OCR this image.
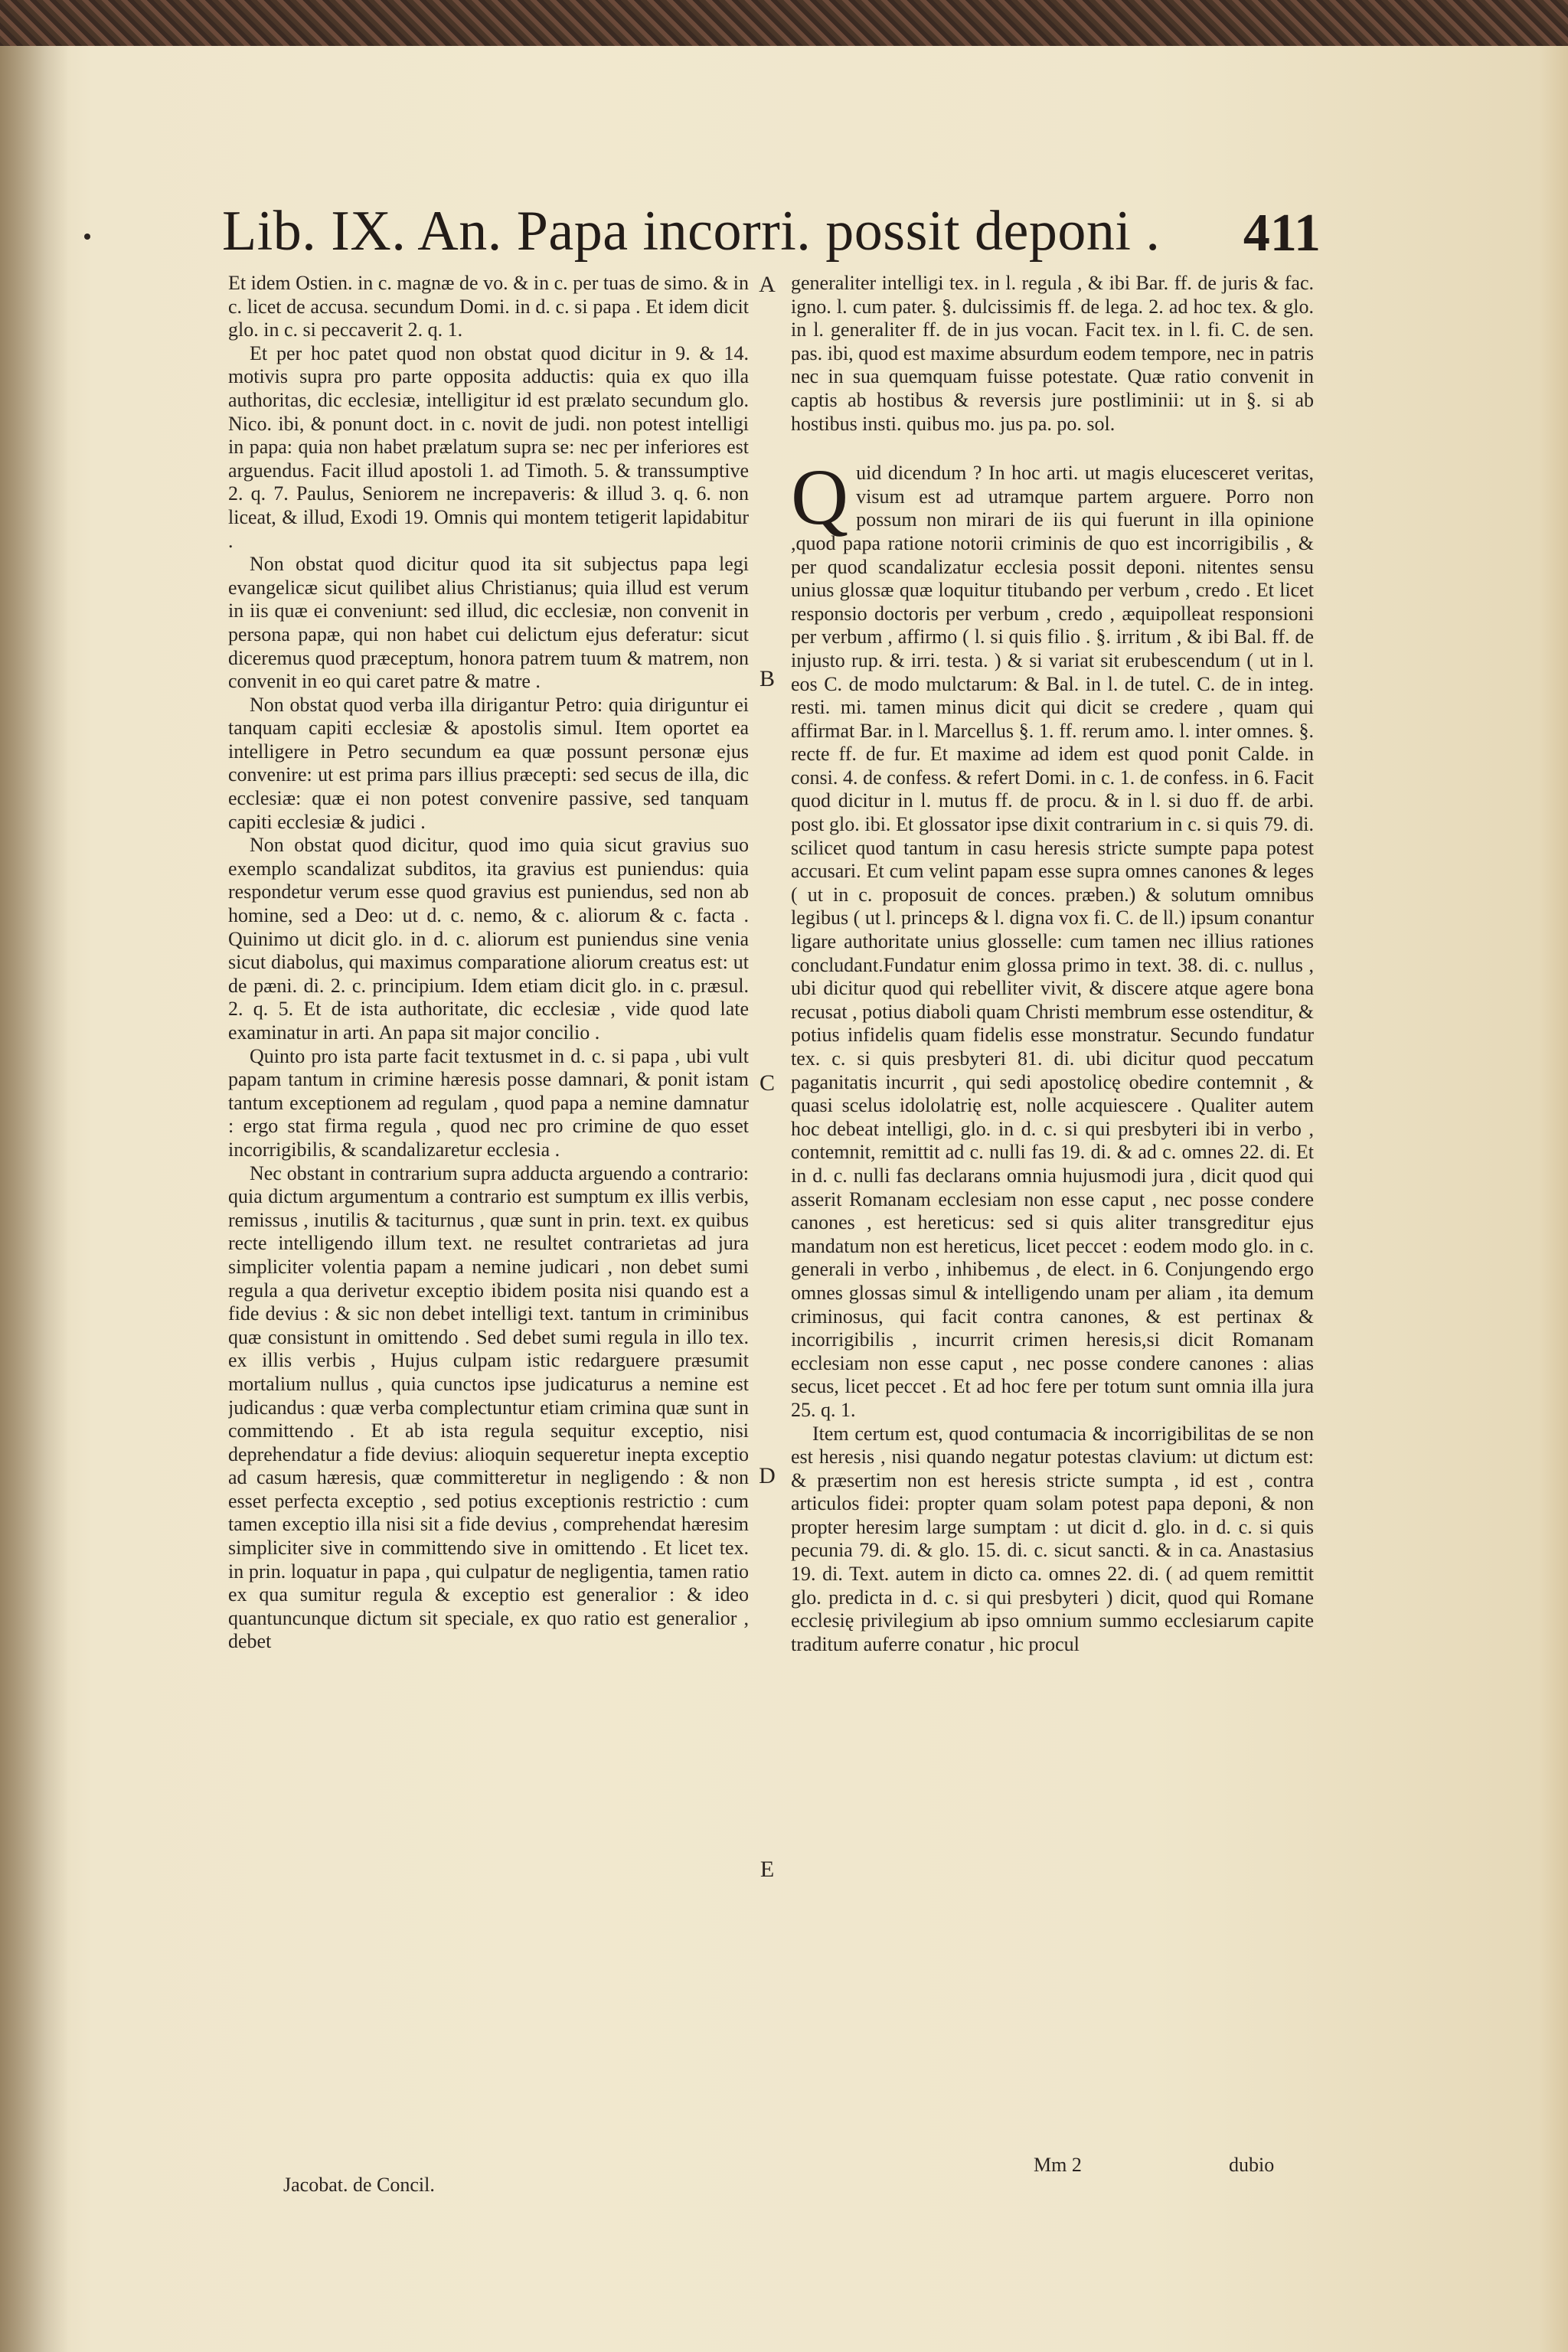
Lib. IX. An. Papa incorri. possit deponi .	411

Et idem Ostien. in c. magnæ de vo. & in c. per tuas de simo. & in c. licet de accusa. secundum Domi. in d. c. si papa . Et idem dicit glo. in c. si peccaverit 2. q. 1.

Et per hoc patet quod non obstat quod dicitur in 9. & 14. motivis supra pro parte opposita adductis: quia ex quo illa authoritas, dic ecclesiæ, intelligitur id est prælato secundum glo. Nico. ibi, & ponunt doct. in c. novit de judi. non potest intelligi in papa: quia non habet prælatum supra se: nec per inferiores est arguendus. Facit illud apostoli 1. ad Timoth. 5. & transsumptive 2. q. 7. Paulus, Seniorem ne increpaveris: & illud 3. q. 6. non liceat, & illud, Exodi 19. Omnis qui montem tetigerit lapidabitur .

Non obstat quod dicitur quod ita sit subjectus papa legi evangelicæ sicut quilibet alius Christianus; quia illud est verum in iis quæ ei conveniunt: sed illud, dic ecclesiæ, non convenit in persona papæ, qui non habet cui delictum ejus deferatur: sicut diceremus quod præceptum, honora patrem tuum & matrem, non convenit in eo qui caret patre & matre .

Non obstat quod verba illa dirigantur Petro: quia diriguntur ei tanquam capiti ecclesiæ & apostolis simul. Item oportet ea intelligere in Petro secundum ea quæ possunt personæ ejus convenire: ut est prima pars illius præcepti: sed secus de illa, dic ecclesiæ: quæ ei non potest convenire passive, sed tanquam capiti ecclesiæ & judici .

Non obstat quod dicitur, quod imo quia sicut gravius suo exemplo scandalizat subditos, ita gravius est puniendus: quia respondetur verum esse quod gravius est puniendus, sed non ab homine, sed a Deo: ut d. c. nemo, & c. aliorum & c. facta . Quinimo ut dicit glo. in d. c. aliorum est puniendus sine venia sicut diabolus, qui maximus comparatione aliorum creatus est: ut de pæni. di. 2. c. principium. Idem etiam dicit glo. in c. præsul. 2. q. 5. Et de ista authoritate, dic ecclesiæ , vide quod late examinatur in arti. An papa sit major concilio .

Quinto pro ista parte facit textusmet in d. c. si papa , ubi vult papam tantum in crimine hæresis posse damnari, & ponit istam tantum exceptionem ad regulam , quod papa a nemine damnatur : ergo stat firma regula , quod nec pro crimine de quo esset incorrigibilis, & scandalizaretur ecclesia .

Nec obstant in contrarium supra adducta arguendo a contrario: quia dictum argumentum a contrario est sumptum ex illis verbis, remissus , inutilis & taciturnus , quæ sunt in prin. text. ex quibus recte intelligendo illum text. ne resultet contrarietas ad jura simpliciter volentia papam a nemine judicari , non debet sumi regula a qua derivetur exceptio ibidem posita nisi quando est a fide devius : & sic non debet intelligi text. tantum in criminibus quæ consistunt in omittendo . Sed debet sumi regula in illo tex. ex illis verbis , Hujus culpam istic redarguere præsumit mortalium nullus , quia cunctos ipse judicaturus a nemine est judicandus : quæ verba complectuntur etiam crimina quæ sunt in committendo . Et ab ista regula sequitur exceptio, nisi deprehendatur a fide devius: alioquin sequeretur inepta exceptio ad casum hæresis, quæ committeretur in negligendo : & non esset perfecta exceptio , sed potius exceptionis restrictio : cum tamen exceptio illa nisi sit a fide devius , comprehendat hæresim simpliciter sive in committendo sive in omittendo . Et licet tex. in prin. loquatur in papa , qui culpatur de negligentia, tamen ratio ex qua sumitur regula & exceptio est generalior : & ideo quantuncunque dictum sit speciale, ex quo ratio est generalior , debet

Jacobat. de Concil.
A
B
C
D
E

generaliter intelligi tex. in l. regula , & ibi Bar. ff. de juris & fac. igno. l. cum pater. §. dulcissimis ff. de lega. 2. ad hoc tex. & glo. in l. generaliter ff. de in jus vocan. Facit tex. in l. fi. C. de sen. pas. ibi, quod est maxime absurdum eodem tempore, nec in patris nec in sua quemquam fuisse potestate. Quæ ratio convenit in captis ab hostibus & reversis jure postliminii: ut in §. si ab hostibus insti. quibus mo. jus pa. po. sol.

Quid dicendum ? In hoc arti. ut magis elucesceret veritas, visum est ad utramque partem arguere. Porro non possum non mirari de iis qui fuerunt in illa opinione ,quod papa ratione notorii criminis de quo est incorrigibilis , & per quod scandalizatur ecclesia possit deponi. nitentes sensu unius glossæ quæ loquitur titubando per verbum , credo . Et licet responsio doctoris per verbum , credo , æquipolleat responsioni per verbum , affirmo ( l. si quis filio . §. irritum , & ibi Bal. ff. de injusto rup. & irri. testa. ) & si variat sit erubescendum ( ut in l. eos C. de modo mulctarum: & Bal. in l. de tutel. C. de in integ. resti. mi. tamen minus dicit qui dicit se credere , quam qui affirmat Bar. in l. Marcellus §. 1. ff. rerum amo. l. inter omnes. §. recte ff. de fur. Et maxime ad idem est quod ponit Calde. in consi. 4. de confess. & refert Domi. in c. 1. de confess. in 6. Facit quod dicitur in l. mutus ff. de procu. & in l. si duo ff. de arbi. post glo. ibi. Et glossator ipse dixit contrarium in c. si quis 79. di. scilicet quod tantum in casu heresis stricte sumpte papa potest accusari. Et cum velint papam esse supra omnes canones & leges ( ut in c. proposuit de conces. præben.) & solutum omnibus legibus ( ut l. princeps & l. digna vox fi. C. de ll.) ipsum conantur ligare authoritate unius glosselle: cum tamen nec illius rationes concludant.Fundatur enim glossa primo in text. 38. di. c. nullus , ubi dicitur quod qui rebelliter vivit, & discere atque agere bona recusat , potius diaboli quam Christi membrum esse ostenditur, & potius infidelis quam fidelis esse monstratur. Secundo fundatur tex. c. si quis presbyteri 81. di. ubi dicitur quod peccatum paganitatis incurrit , qui sedi apostolicę obedire contemnit , & quasi scelus idololatrię est, nolle acquiescere . Qualiter autem hoc debeat intelligi, glo. in d. c. si qui presbyteri ibi in verbo , contemnit, remittit ad c. nulli fas 19. di. & ad c. omnes 22. di. Et in d. c. nulli fas declarans omnia hujusmodi jura , dicit quod qui asserit Romanam ecclesiam non esse caput , nec posse condere canones , est hereticus: sed si quis aliter transgreditur ejus mandatum non est hereticus, licet peccet : eodem modo glo. in c. generali in verbo , inhibemus , de elect. in 6. Conjungendo ergo omnes glossas simul & intelligendo unam per aliam , ita demum criminosus, qui facit contra canones, & est pertinax & incorrigibilis , incurrit crimen heresis,si dicit Romanam ecclesiam non esse caput , nec posse condere canones : alias secus, licet peccet . Et ad hoc fere per totum sunt omnia illa jura 25. q. 1.

Item certum est, quod contumacia & incorrigibilitas de se non est heresis , nisi quando negatur potestas clavium: ut dictum est: & præsertim non est heresis stricte sumpta , id est , contra articulos fidei: propter quam solam potest papa deponi, & non propter heresim large sumptam : ut dicit d. glo. in d. c. si quis pecunia 79. di. & glo. 15. di. c. sicut sancti. & in ca. Anastasius 19. di. Text. autem in dicto ca. omnes 22. di. ( ad quem remittit glo. predicta in d. c. si qui presbyteri ) dicit, quod qui Romane ecclesię privilegium ab ipso omnium summo ecclesiarum capite traditum auferre conatur , hic procul

Mm 2	dubio
